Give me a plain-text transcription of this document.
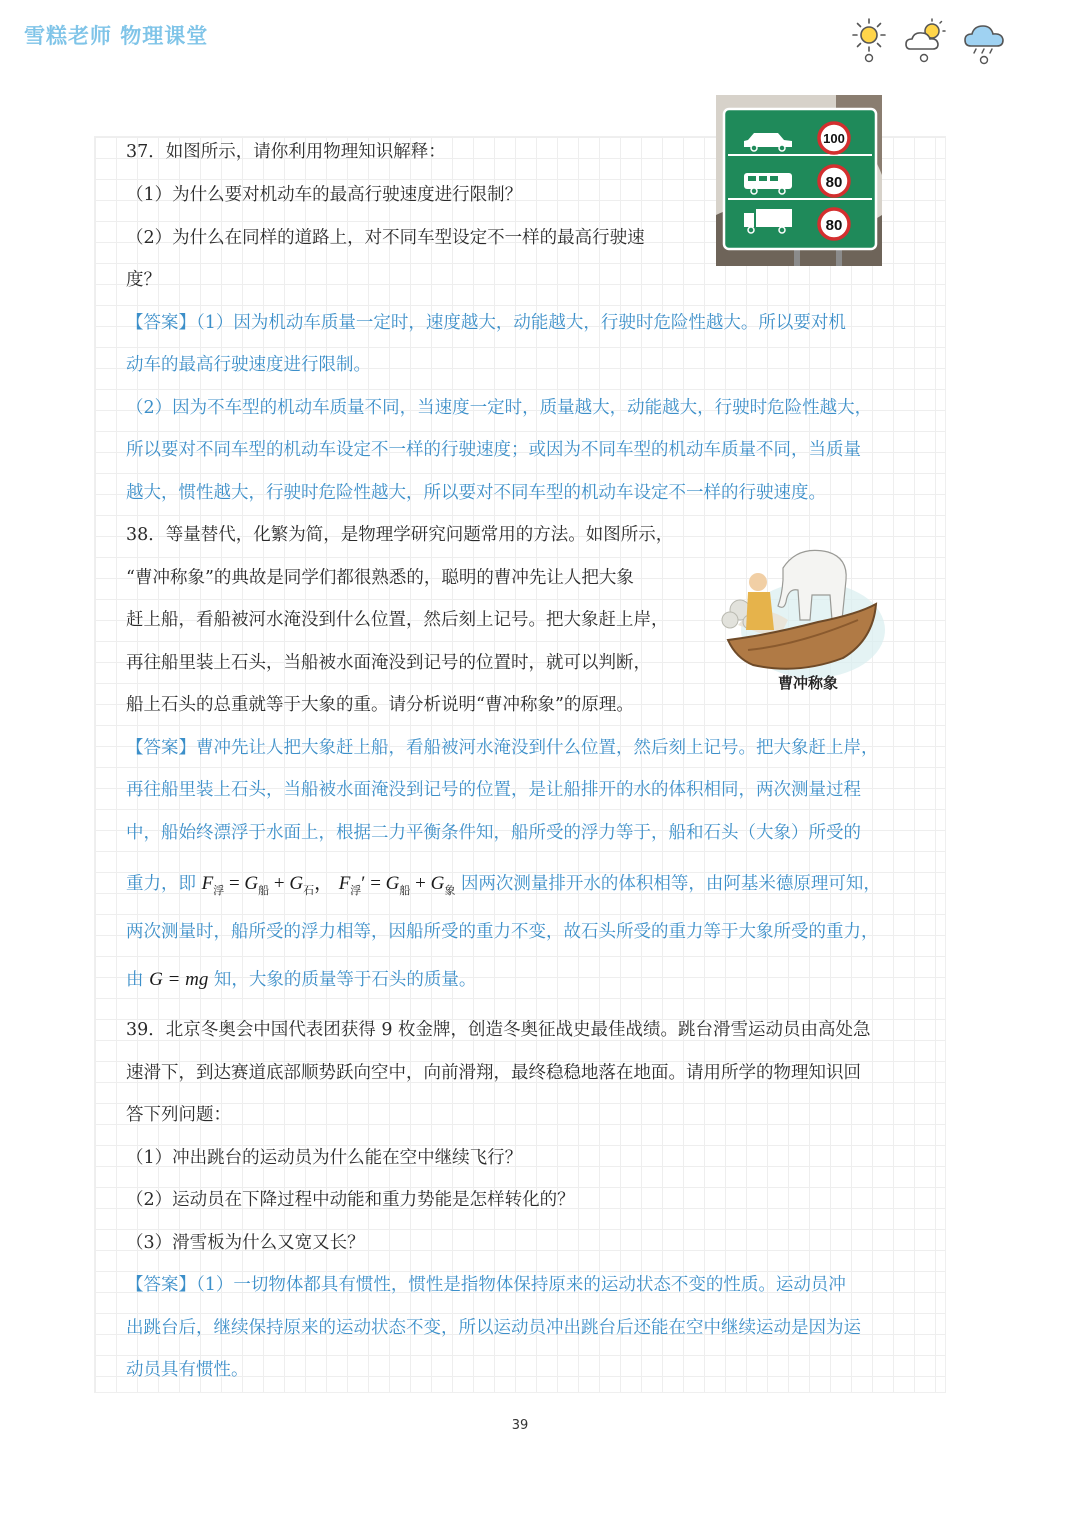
雪糕老师 物理课堂
100
80
80
37．如图所示，请你利用物理知识解释：
（1）为什么要对机动车的最高行驶速度进行限制？
（2）为什么在同样的道路上，对不同车型设定不一样的最高行驶速
度？
【答案】（1）因为机动车质量一定时，速度越大，动能越大，行驶时危险性越大。所以要对机
动车的最高行驶速度进行限制。
（2）因为不车型的机动车质量不同，当速度一定时，质量越大，动能越大，行驶时危险性越大，
所以要对不同车型的机动车设定不一样的行驶速度；或因为不同车型的机动车质量不同，当质量
越大，惯性越大，行驶时危险性越大，所以要对不同车型的机动车设定不一样的行驶速度。
38．等量替代，化繁为简，是物理学研究问题常用的方法。如图所示，
“曹冲称象”的典故是同学们都很熟悉的，聪明的曹冲先让人把大象
赶上船，看船被河水淹没到什么位置，然后刻上记号。把大象赶上岸，
再往船里装上石头，当船被水面淹没到记号的位置时，就可以判断，
船上石头的总重就等于大象的重。请分析说明“曹冲称象”的原理。
曹冲称象
【答案】曹冲先让人把大象赶上船，看船被河水淹没到什么位置，然后刻上记号。把大象赶上岸，
再往船里装上石头，当船被水面淹没到记号的位置，是让船排开的水的体积相同，两次测量过程
中，船始终漂浮于水面上，根据二力平衡条件知，船所受的浮力等于，船和石头（大象）所受的
重力，即 $F_浮 = G_船 + G_石$， $F_浮' = G_船 + G_象$ 因两次测量排开水的体积相等，由阿基米德原理可知，
两次测量时，船所受的浮力相等，因船所受的重力不变，故石头所受的重力等于大象所受的重力，
由 G = mg 知，大象的质量等于石头的质量。
39．北京冬奥会中国代表团获得 9 枚金牌，创造冬奥征战史最佳战绩。跳台滑雪运动员由高处急
速滑下，到达赛道底部顺势跃向空中，向前滑翔，最终稳稳地落在地面。请用所学的物理知识回
答下列问题：
（1）冲出跳台的运动员为什么能在空中继续飞行？
（2）运动员在下降过程中动能和重力势能是怎样转化的？
（3）滑雪板为什么又宽又长？
【答案】（1）一切物体都具有惯性，惯性是指物体保持原来的运动状态不变的性质。运动员冲
出跳台后，继续保持原来的运动状态不变，所以运动员冲出跳台后还能在空中继续运动是因为运
动员具有惯性。
39
